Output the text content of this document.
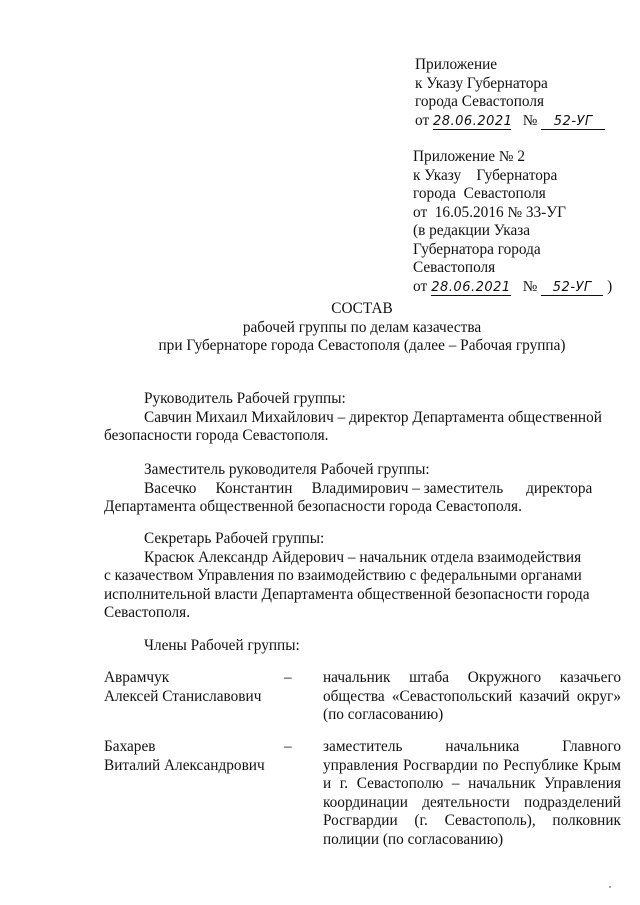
Приложение
к Указу Губернатора
города Севастополя
от 28.06.2021 № 52-УГ
Приложение № 2
к Указу    Губернатора
города  Севастополя
от  16.05.2016 № 33-УГ
(в редакции Указа
Губернатора города
Севастополя
от 28.06.2021 № 52-УГ )
СОСТАВ
рабочей группы по делам казачества
при Губернаторе города Севастополя (далее – Рабочая группа)
Руководитель Рабочей группы:
Савчин Михаил Михайлович – директор Департамента общественной
безопасности города Севастополя.
Заместитель руководителя Рабочей группы:
Васечко     Константин     Владимирович – заместитель      директора
Департамента общественной безопасности города Севастополя.
Секретарь Рабочей группы:
Красюк Александр Айдерович – начальник отдела взаимодействия
с казачеством Управления по взаимодействию с федеральными органами
исполнительной власти Департамента общественной безопасности города
Севастополя.
Члены Рабочей группы:
Аврамчук
Алексей Станиславович
– начальник штаба Окружного казачьего общества «Севастопольский казачий округ» (по согласованию)
Бахарев
Виталий Александрович
– заместитель начальника Главного управления Росгвардии по Республике Крым и г. Севастополю – начальник Управления координации деятельности подразделений Росгвардии (г. Севастополь), полковник полиции (по согласованию)
